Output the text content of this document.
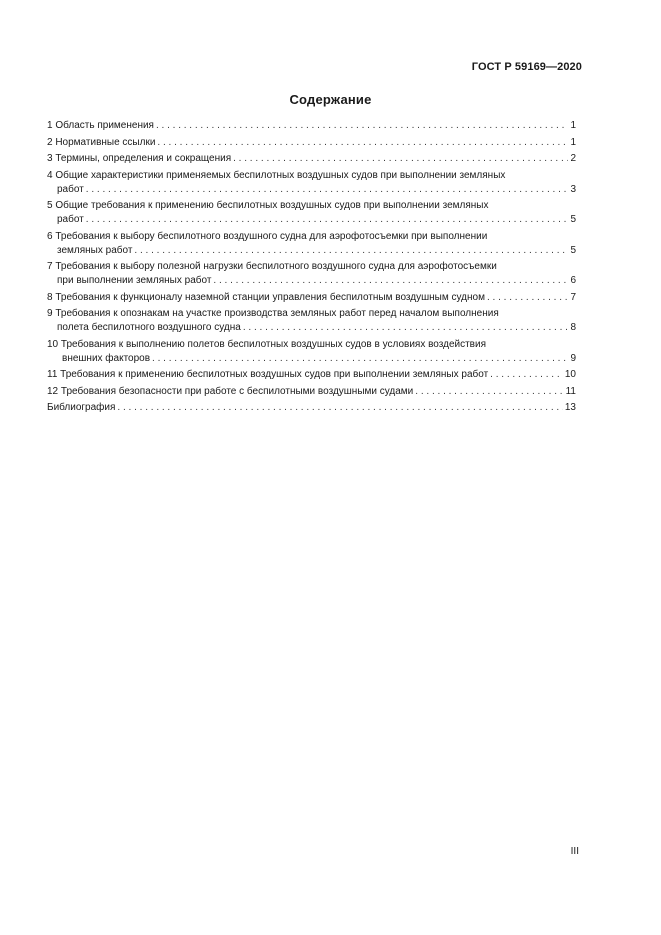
ГОСТ Р 59169—2020
Содержание
1 Область применения . . .	1
2 Нормативные ссылки . . .	1
3 Термины, определения и сокращения . . .	2
4 Общие характеристики применяемых беспилотных воздушных судов при выполнении земляных
работ . . .	3
5 Общие требования к применению беспилотных воздушных судов при выполнении земляных
работ . . .	5
6 Требования к выбору беспилотного воздушного судна для аэрофотосъемки при выполнении
земляных работ . . .	5
7 Требования к выбору полезной нагрузки беспилотного воздушного судна для аэрофотосъемки
при выполнении земляных работ . . .	6
8 Требования к функционалу наземной станции управления беспилотным воздушным судном . . .	7
9 Требования к опознакам на участке производства земляных работ перед началом выполнения
полета беспилотного воздушного судна . . .	8
10 Требования к выполнению полетов беспилотных воздушных судов в условиях воздействия
внешних факторов . . .	9
11 Требования к применению беспилотных воздушных судов при выполнении земляных работ . . .	10
12 Требования безопасности при работе с беспилотными воздушными судами . . .	11
Библиография . . .	13
III
